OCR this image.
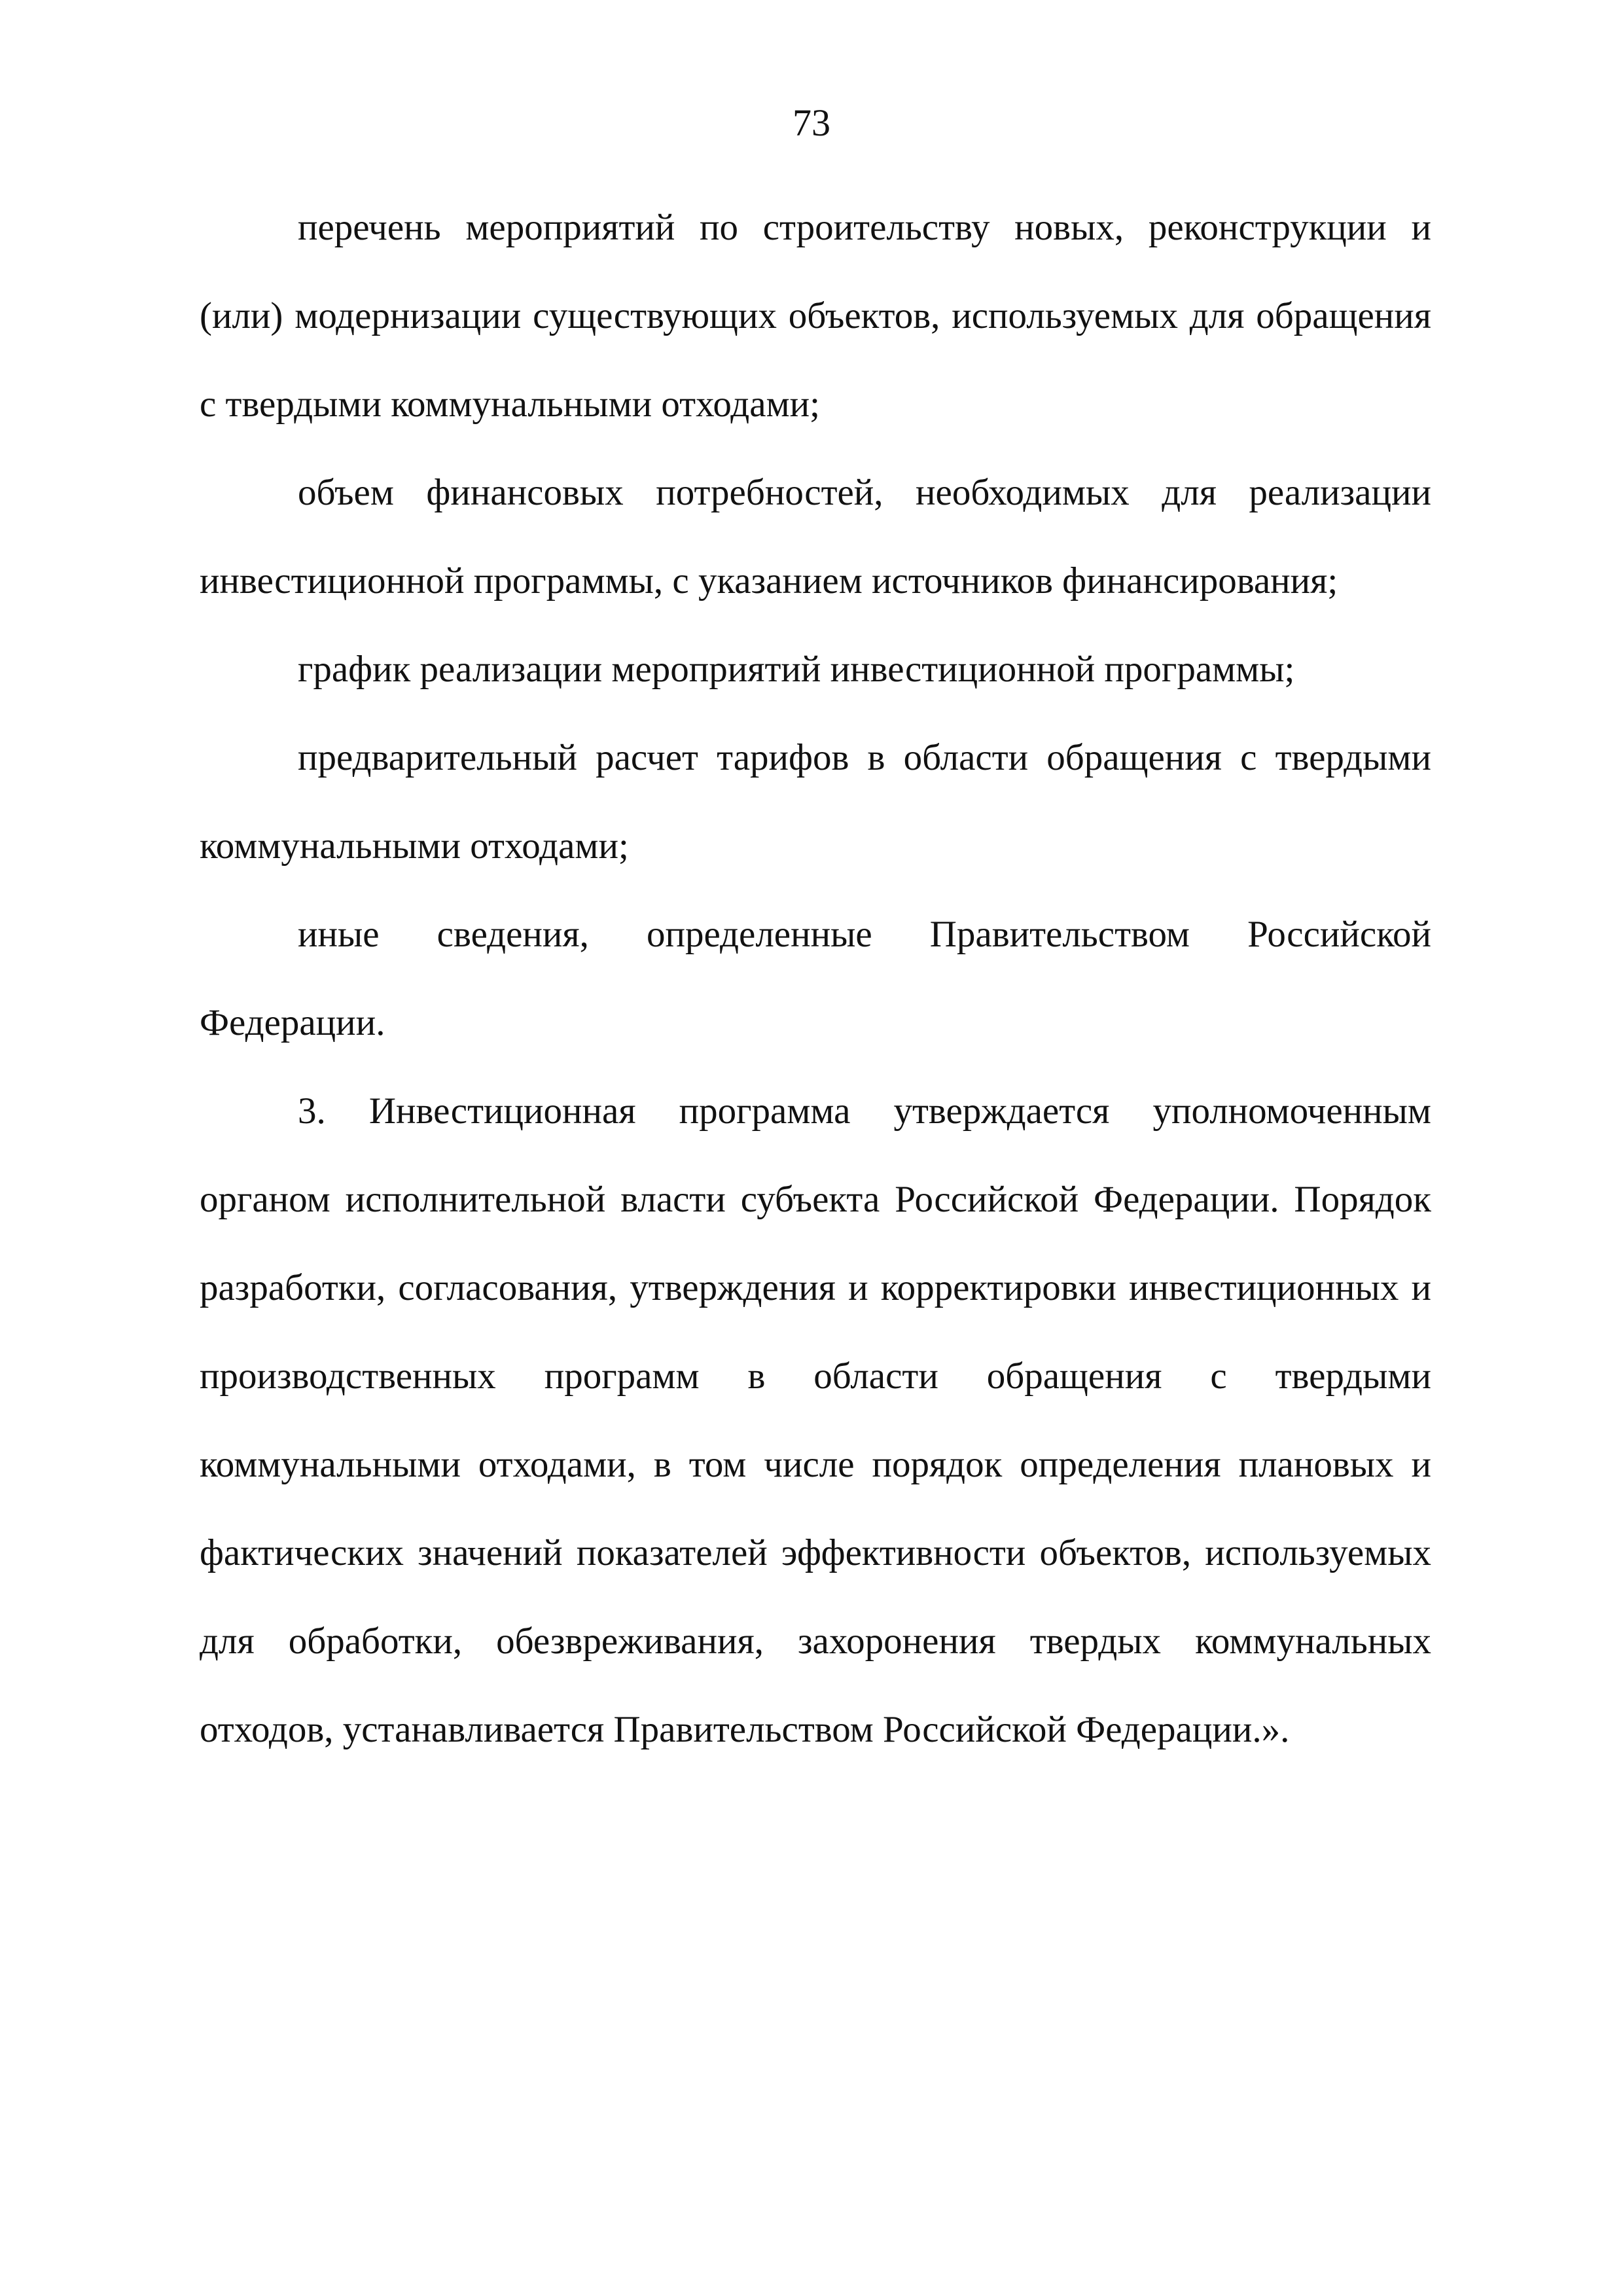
73

перечень мероприятий по строительству новых, реконструкции и (или) модернизации существующих объектов, используемых для обращения с твердыми коммунальными отходами;

объем финансовых потребностей, необходимых для реализации инвестиционной программы, с указанием источников финансирования;

график реализации мероприятий инвестиционной программы;

предварительный расчет тарифов в области обращения с твердыми коммунальными отходами;

иные сведения, определенные Правительством Российской Федерации.

3. Инвестиционная программа утверждается уполномоченным органом исполнительной власти субъекта Российской Федерации. Порядок разработки, согласования, утверждения и корректировки инвестиционных и производственных программ в области обращения с твердыми коммунальными отходами, в том числе порядок определения плановых и фактических значений показателей эффективности объектов, используемых для обработки, обезвреживания, захоронения твердых коммунальных отходов, устанавливается Правительством Российской Федерации.».
